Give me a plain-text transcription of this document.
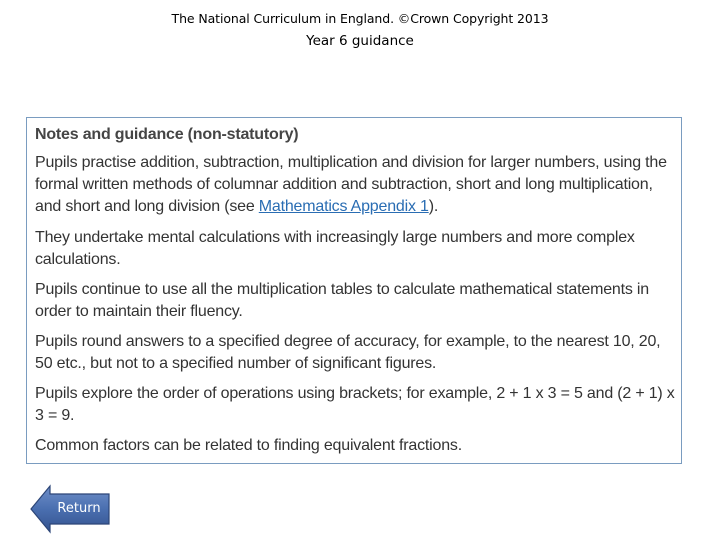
The National Curriculum in England. ©Crown Copyright 2013
Year 6 guidance
Notes and guidance (non-statutory)

Pupils practise addition, subtraction, multiplication and division for larger numbers, using the formal written methods of columnar addition and subtraction, short and long multiplication, and short and long division (see Mathematics Appendix 1).

They undertake mental calculations with increasingly large numbers and more complex calculations.

Pupils continue to use all the multiplication tables to calculate mathematical statements in order to maintain their fluency.

Pupils round answers to a specified degree of accuracy, for example, to the nearest 10, 20, 50 etc., but not to a specified number of significant figures.

Pupils explore the order of operations using brackets; for example, 2 + 1 x 3 = 5 and (2 + 1) x 3 = 9.

Common factors can be related to finding equivalent fractions.

Return
